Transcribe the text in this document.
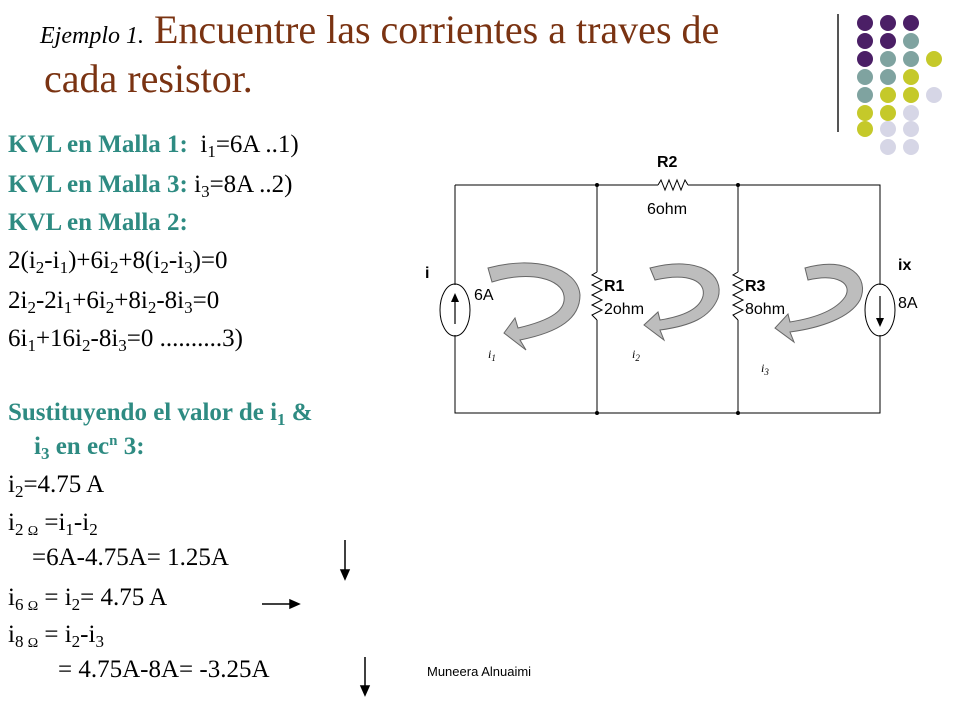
Ejemplo 1. Encuentre las corrientes a traves de
cada resistor.
KVL en Malla 1:  $i_1=6A$ ..1)
KVL en Malla 3: $i_3=8A$ ..2)
KVL en Malla 2:
$2(i_2-i_1)+6i_2+8(i_2-i_3)=0$
$2i_2-2i_1+6i_2+8i_2-8i_3=0$
$6i_1+16i_2-8i_3=0$ ..........3)
Sustituyendo el valor de $i_1$ &
$i_3$ en $ec^n$ 3:
$i_2=4.75$ A
$i_{2 \Omega} =i_1-i_2$
=6A-4.75A= 1.25A
$i_{6 \Omega} = i_2= 4.75$ A
$i_{8 \Omega} = i_2-i_3$
= 4.75A-8A= -3.25A
R2
6ohm
R1
2ohm
R3
8ohm
i
6A
ix
8A
$i_1$	$i_2$
$i_3$
Muneera Alnuaimi
